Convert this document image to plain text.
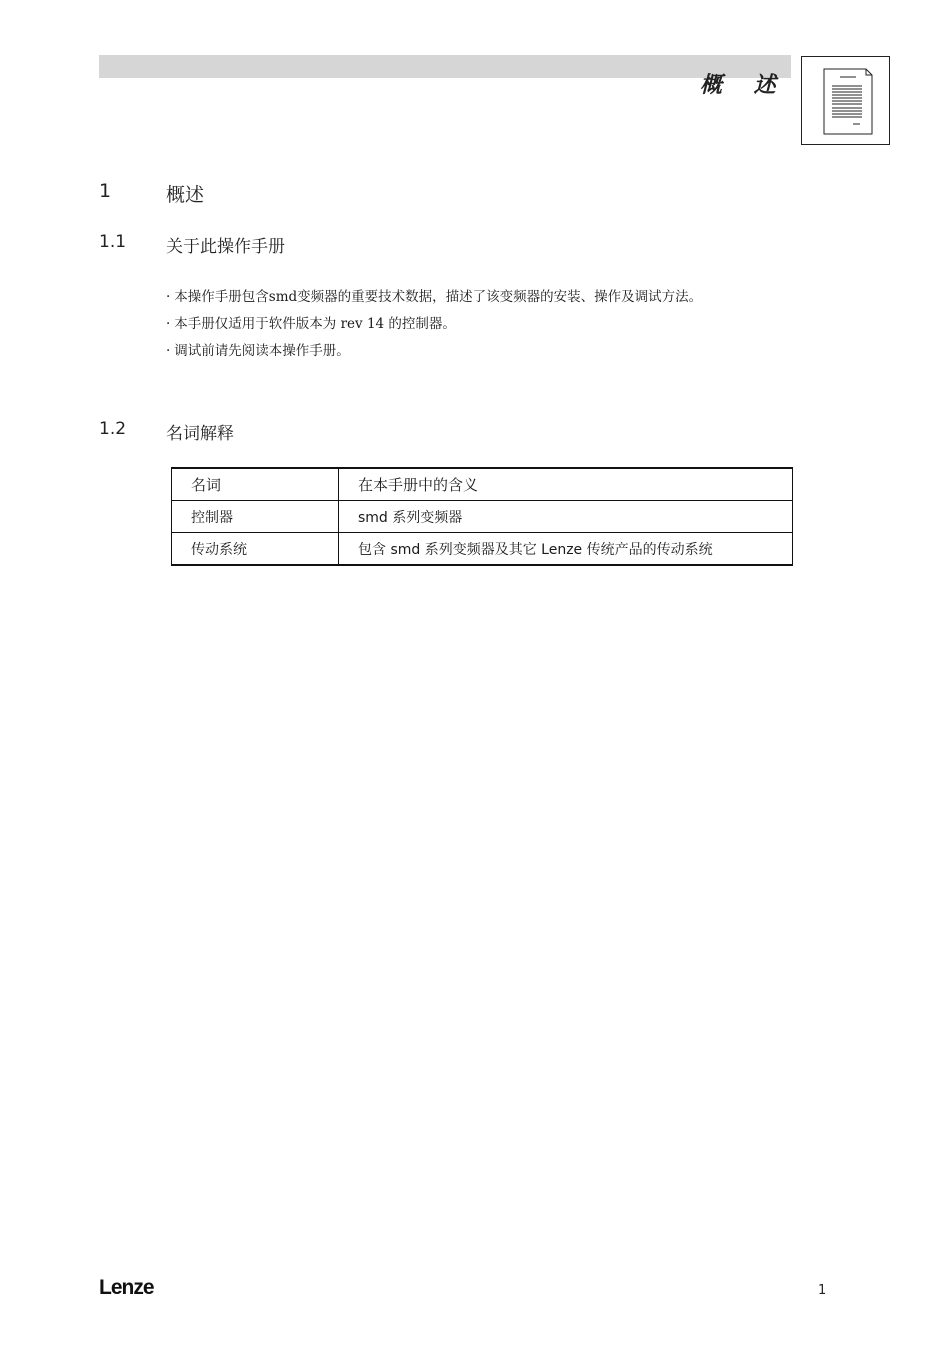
概 述
1	概述
1.1 关于此操作手册
· 本操作手册包含smd变频器的重要技术数据，描述了该变频器的安装、操作及调试方法。
· 本手册仅适用于软件版本为 rev 14 的控制器。
· 调试前请先阅读本操作手册。
1.2 名词解释
名词	在本手册中的含义
控制器	smd 系列变频器
传动系统	包含 smd 系列变频器及其它 Lenze 传统产品的传动系统
Lenze	1
